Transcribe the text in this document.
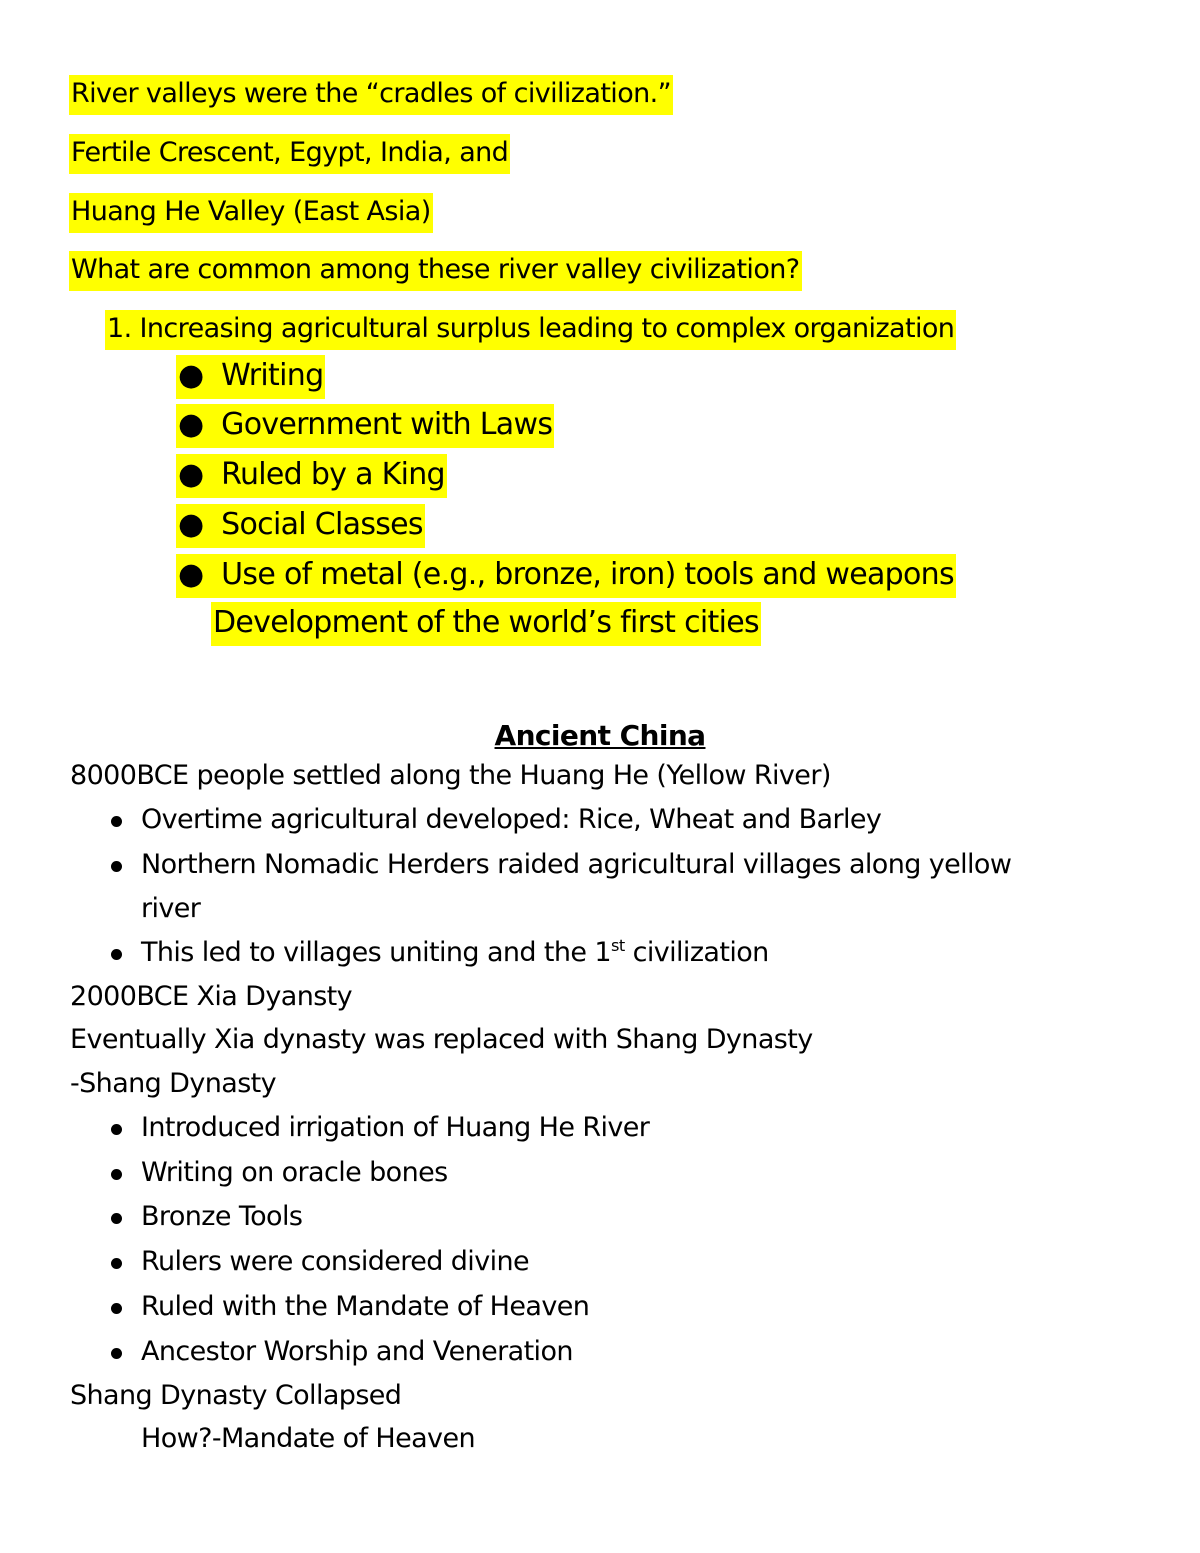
River valleys were the “cradles of civilization.”
Fertile Crescent, Egypt, India, and
Huang He Valley (East Asia)
What are common among these river valley civilization?
1. Increasing agricultural surplus leading to complex organization
● Writing
● Government with Laws
● Ruled by a King
● Social Classes
● Use of metal (e.g., bronze, iron) tools and weapons
Development of the world’s first cities
Ancient China
8000BCE people settled along the Huang He (Yellow River)
Overtime agricultural developed: Rice, Wheat and Barley
Northern Nomadic Herders raided agricultural villages along yellow
river
This led to villages uniting and the 1st civilization
2000BCE Xia Dyansty
Eventually Xia dynasty was replaced with Shang Dynasty
-Shang Dynasty
Introduced irrigation of Huang He River
Writing on oracle bones
Bronze Tools
Rulers were considered divine
Ruled with the Mandate of Heaven
Ancestor Worship and Veneration
Shang Dynasty Collapsed
How?-Mandate of Heaven
